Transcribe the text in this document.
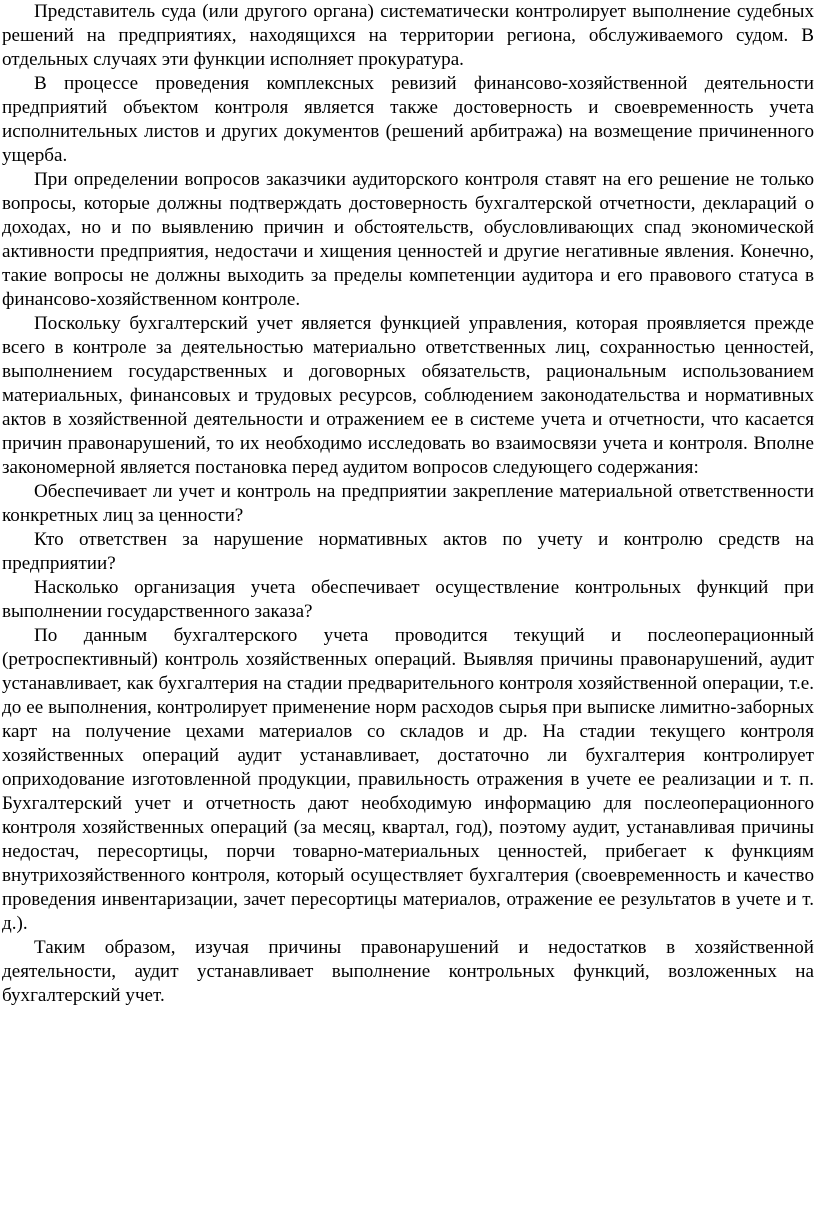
Представитель суда (или другого органа) систематически контролирует выполнение судебных решений на предприятиях, находящихся на территории региона, обслуживаемого судом. В отдельных случаях эти функции исполняет прокуратура.

В процессе проведения комплексных ревизий финансово-хозяйственной деятельности предприятий объектом контроля является также достоверность и своевременность учета исполнительных листов и других документов (решений арбитража) на возмещение причиненного ущерба.

При определении вопросов заказчики аудиторского контроля ставят на его решение не только вопросы, которые должны подтверждать достоверность бухгалтерской отчетности, деклараций о доходах, но и по выявлению причин и обстоятельств, обусловливающих спад экономической активности предприятия, недостачи и хищения ценностей и другие негативные явления. Конечно, такие вопросы не должны выходить за пределы компетенции аудитора и его правового статуса в финансово-хозяйственном контроле.

Поскольку бухгалтерский учет является функцией управления, которая проявляется прежде всего в контроле за деятельностью материально ответственных лиц, сохранностью ценностей, выполнением государственных и договорных обязательств, рациональным использованием материальных, финансовых и трудовых ресурсов, соблюдением законодательства и нормативных актов в хозяйственной деятельности и отражением ее в системе учета и отчетности, что касается причин правонарушений, то их необходимо исследовать во взаимосвязи учета и контроля. Вполне закономерной является постановка перед аудитом вопросов следующего содержания:

Обеспечивает ли учет и контроль на предприятии закрепление материальной ответственности конкретных лиц за ценности?

Кто ответствен за нарушение нормативных актов по учету и контролю средств на предприятии?

Насколько организация учета обеспечивает осуществление контрольных функций при выполнении государственного заказа?

По данным бухгалтерского учета проводится текущий и послеоперационный (ретроспективный) контроль хозяйственных операций. Выявляя причины правонарушений, аудит устанавливает, как бухгалтерия на стадии предварительного контроля хозяйственной операции, т.е. до ее выполнения, контролирует применение норм расходов сырья при выписке лимитно-заборных карт на получение цехами материалов со складов и др. На стадии текущего контроля хозяйственных операций аудит устанавливает, достаточно ли бухгалтерия контролирует оприходование изготовленной продукции, правильность отражения в учете ее реализации и т. п. Бухгалтерский учет и отчетность дают необходимую информацию для послеоперационного контроля хозяйственных операций (за месяц, квартал, год), поэтому аудит, устанавливая причины недостач, пересортицы, порчи товарно-материальных ценностей, прибегает к функциям внутрихозяйственного контроля, который осуществляет бухгалтерия (своевременность и качество проведения инвентаризации, зачет пересортицы материалов, отражение ее результатов в учете и т. д.).

Таким образом, изучая причины правонарушений и недостатков в хозяйственной деятельности, аудит устанавливает выполнение контрольных функций, возложенных на бухгалтерский учет.
